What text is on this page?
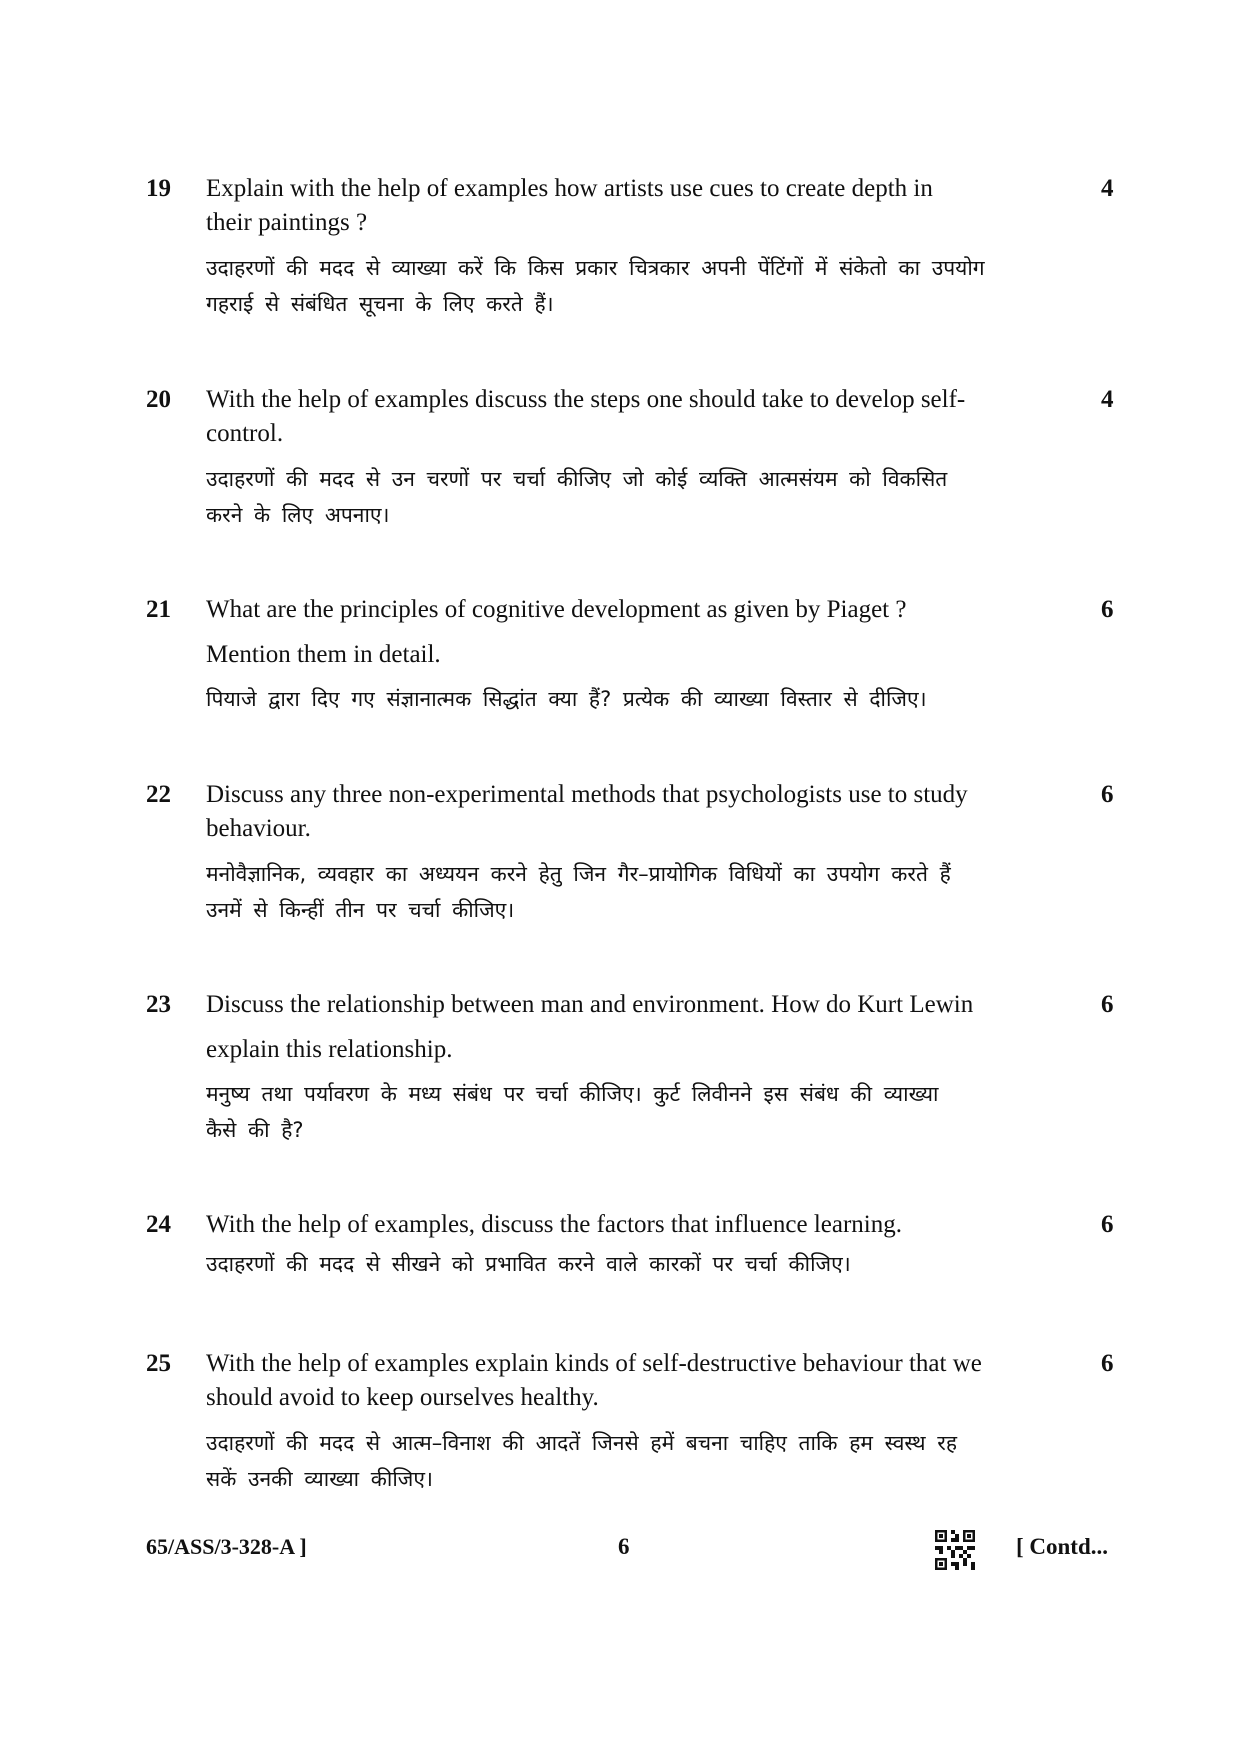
19 Explain with the help of examples how artists use cues to create depth in
their paintings ?

उदाहरणों की मदद से व्याख्या करें कि किस प्रकार चित्रकार अपनी पेंटिंगों में संकेतो का उपयोग
गहराई से संबंधित सूचना के लिए करते हैं।

4
20 With the help of examples discuss the steps one should take to develop self-
control.

उदाहरणों की मदद से उन चरणों पर चर्चा कीजिए जो कोई व्यक्ति आत्मसंयम को विकसित
करने के लिए अपनाए।

4
21 What are the principles of cognitive development as given by Piaget ?
Mention them in detail.

पियाजे द्वारा दिए गए संज्ञानात्मक सिद्धांत क्या हैं? प्रत्येक की व्याख्या विस्तार से दीजिए।

6
22 Discuss any three non-experimental methods that psychologists use to study
behaviour.

मनोवैज्ञानिक, व्यवहार का अध्ययन करने हेतु जिन गैर–प्रायोगिक विधियों का उपयोग करते हैं
उनमें से किन्हीं तीन पर चर्चा कीजिए।

6
23 Discuss the relationship between man and environment. How do Kurt Lewin
explain this relationship.

मनुष्य तथा पर्यावरण के मध्य संबंध पर चर्चा कीजिए। कुर्ट लिवीनने इस संबंध की व्याख्या
कैसे की है?

6
24 With the help of examples, discuss the factors that influence learning.

उदाहरणों की मदद से सीखने को प्रभावित करने वाले कारकों पर चर्चा कीजिए।

6
25 With the help of examples explain kinds of self-destructive behaviour that we
should avoid to keep ourselves healthy.

उदाहरणों की मदद से आत्म–विनाश की आदतें जिनसे हमें बचना चाहिए ताकि हम स्वस्थ रह
सकें उनकी व्याख्या कीजिए।

6
65/ASS/3-328-A ]	6	[ Contd...
